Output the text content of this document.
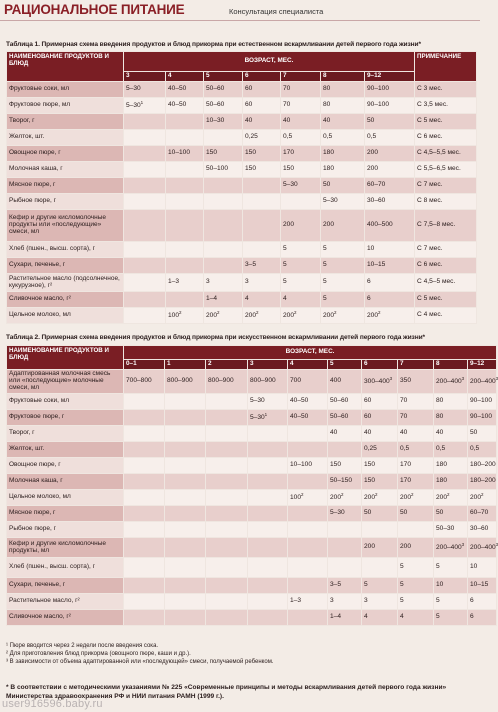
РАЦИОНАЛЬНОЕ ПИТАНИЕ	Консультация специалиста
Таблица 1. Примерная схема введения продуктов и блюд прикорма при естественном вскармливании детей первого года жизни*
НАИМЕНОВАНИЕ ПРОДУКТОВ И БЛЮД	ВОЗРАСТ, МЕС.							ПРИМЕЧАНИЕ
	3	4	5	6	7	8	9–12	
Фруктовые соки, мл	5–30	40–50	50–60	60	70	80	90–100	С 3 мес.
Фруктовое пюре, мл	$5-30^1$	40–50	50–60	60	70	80	90–100	С 3,5 мес.
Творог, г			10–30	40	40	40	50	С 5 мес.
Желток, шт.				0,25	0,5	0,5	0,5	С 6 мес.
Овощное пюре, г		10–100	150	150	170	180	200	С 4,5–5,5 мес.
Молочная каша, г			50–100	150	150	180	200	С 5,5–6,5 мес.
Мясное пюре, г					5–30	50	60–70	С 7 мес.
Рыбное пюре, г						5–30	30–60	С 8 мес.
Кефир и другие кисломолочные продукты или «последующие» смеси, мл					200	200	400–500	С 7,5–8 мес.
Хлеб (пшен., высш. сорта), г					5	5	10	С 7 мес.
Сухари, печенье, г				3–5	5	5	10–15	С 6 мес.
Растительное масло (подсолнечное, кукурузное), г²		1–3	3	3	5	5	6	С 4,5–5 мес.
Сливочное масло, г²			1–4	4	4	5	6	С 5 мес.
Цельное молоко, мл		$100^2$	$200^2$	$200^2$	$200^2$	$200^2$	$200^2$	С 4 мес.
Таблица 2. Примерная схема введения продуктов и блюд прикорма при искусственном вскармливании детей первого года жизни*
НАИМЕНОВАНИЕ ПРОДУКТОВ И БЛЮД	ВОЗРАСТ, МЕС.									
	0–1	1	2	3	4	5	6	7	8	9–12
Адаптированная молочная смесь или «последующие» молочные смеси, мл	700–800	800–900	800–900	800–900	700	400	$300-400^3$	350	$200-400^3$	$200-400^3$
Фруктовые соки, мл				5–30	40–50	50–60	60	70	80	90–100
Фруктовое пюре, г				$5-30^1$	40–50	50–60	60	70	80	90–100
Творог, г						40	40	40	40	50
Желток, шт.							0,25	0,5	0,5	0,5
Овощное пюре, г					10–100	150	150	170	180	180–200
Молочная каша, г						50–150	150	170	180	180–200
Цельное молоко, мл					$100^2$	$200^2$	$200^2$	$200^2$	$200^2$	$200^2$
Мясное пюре, г						5–30	50	50	50	60–70
Рыбное пюре, г									50–30	30–60
Кефир и другие кисломолочные продукты, мл							200	200	$200-400^3$	$200-400^3$
Хлеб (пшен., высш. сорта), г								5	5	10
Сухари, печенье, г						3–5	5	5	10	10–15
Растительное масло, г²					1–3	3	3	5	5	6
Сливочное масло, г²						1–4	4	4	5	6
¹ Пюре вводится через 2 недели после введения сока.
² Для приготовления блюд прикорма (овощного пюре, каши и др.).
³ В зависимости от объема адаптированной или «последующей» смеси, получаемой ребенком.
* В соответствии с методическими указаниями № 225 «Современные принципы и методы вскармливания детей первого года жизни» Министерства здравоохранения РФ и НИИ питания РАМН (1999 г.).
user916596.baby.ru
